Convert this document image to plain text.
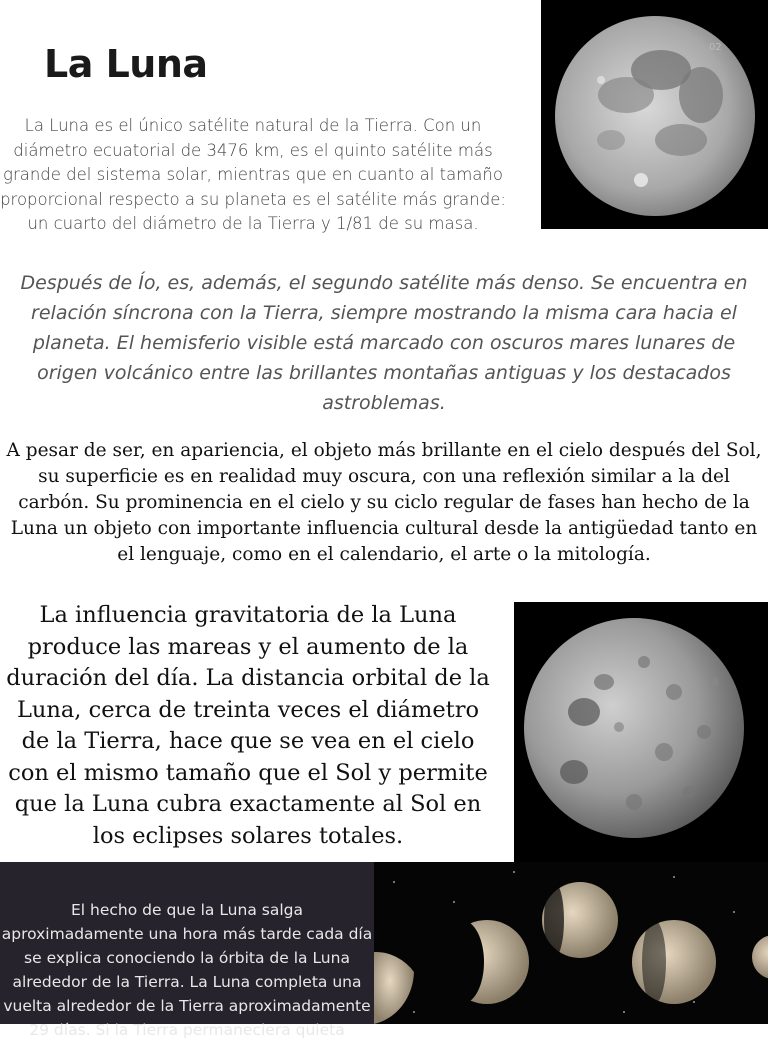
La Luna

La Luna es el único satélite natural de la Tierra. Con un diámetro ecuatorial de 3476 km, es el quinto satélite más grande del sistema solar, mientras que en cuanto al tamaño proporcional respecto a su planeta es el satélite más grande: un cuarto del diámetro de la Tierra y 1/81 de su masa.

02

Después de Ío, es, además, el segundo satélite más denso. Se encuentra en relación síncrona con la Tierra, siempre mostrando la misma cara hacia el planeta. El hemisferio visible está marcado con oscuros mares lunares de origen volcánico entre las brillantes montañas antiguas y los destacados astroblemas.

A pesar de ser, en apariencia, el objeto más brillante en el cielo después del Sol, su superficie es en realidad muy oscura, con una reflexión similar a la del carbón. Su prominencia en el cielo y su ciclo regular de fases han hecho de la Luna un objeto con importante influencia cultural desde la antigüedad tanto en el lenguaje, como en el calendario, el arte o la mitología.

La influencia gravitatoria de la Luna produce las mareas y el aumento de la duración del día. La distancia orbital de la Luna, cerca de treinta veces el diámetro de la Tierra, hace que se vea en el cielo con el mismo tamaño que el Sol y permite que la Luna cubra exactamente al Sol en los eclipses solares totales.

El hecho de que la Luna salga aproximadamente una hora más tarde cada día se explica conociendo la órbita de la Luna alrededor de la Tierra. La Luna completa una vuelta alrededor de la Tierra aproximadamente 29 días. Si la Tierra permaneciera quieta
